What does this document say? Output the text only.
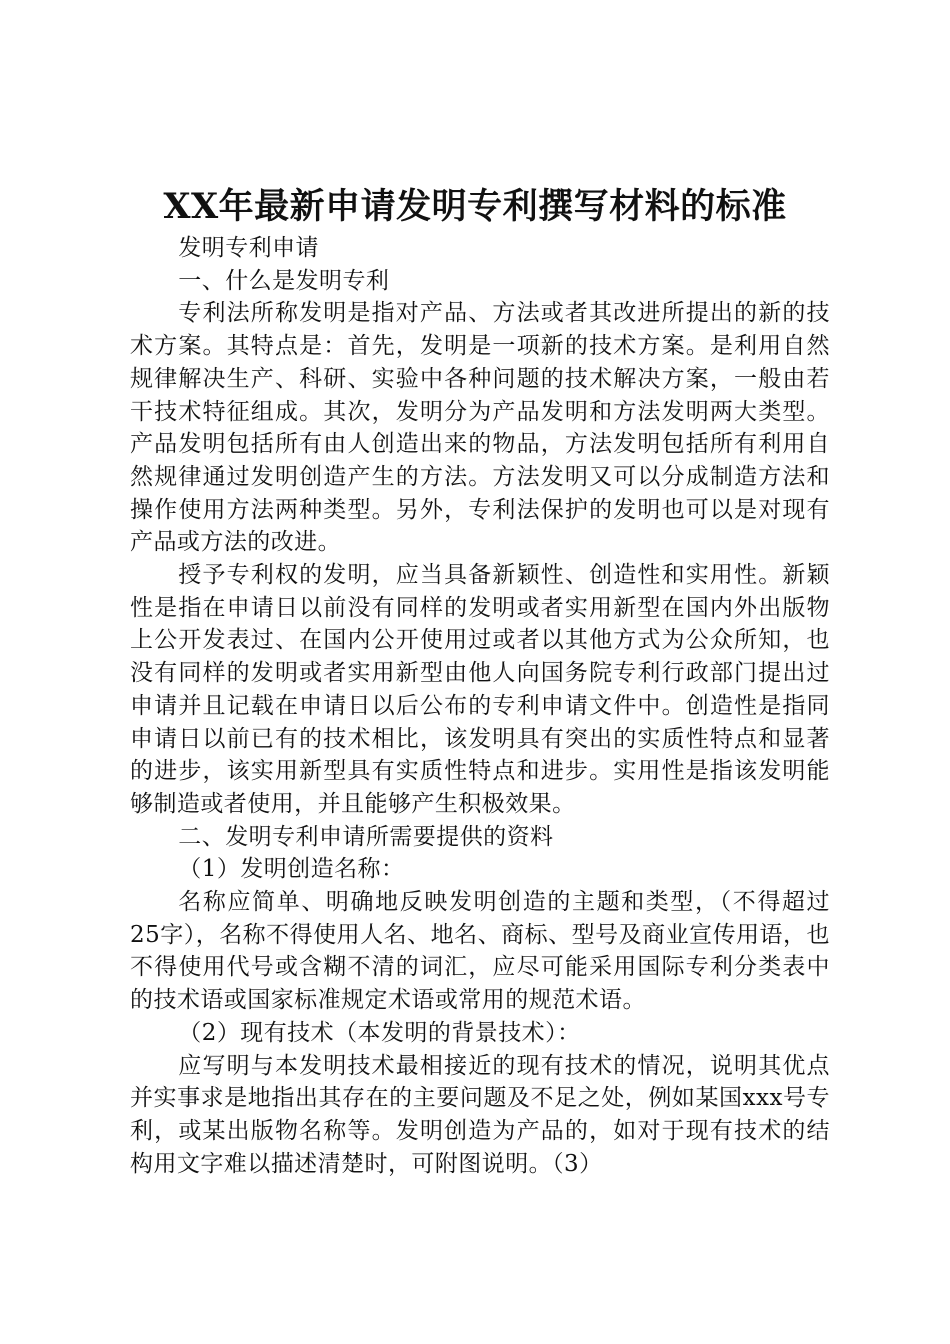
XX年最新申请发明专利撰写材料的标准

发明专利申请

一、什么是发明专利

专利法所称发明是指对产品、方法或者其改进所提出的新的技术方案。其特点是：首先，发明是一项新的技术方案。是利用自然规律解决生产、科研、实验中各种问题的技术解决方案，一般由若干技术特征组成。其次，发明分为产品发明和方法发明两大类型。产品发明包括所有由人创造出来的物品，方法发明包括所有利用自然规律通过发明创造产生的方法。方法发明又可以分成制造方法和操作使用方法两种类型。另外，专利法保护的发明也可以是对现有产品或方法的改进。

授予专利权的发明，应当具备新颖性、创造性和实用性。新颖性是指在申请日以前没有同样的发明或者实用新型在国内外出版物上公开发表过、在国内公开使用过或者以其他方式为公众所知，也没有同样的发明或者实用新型由他人向国务院专利行政部门提出过申请并且记载在申请日以后公布的专利申请文件中。创造性是指同申请日以前已有的技术相比，该发明具有突出的实质性特点和显著的进步，该实用新型具有实质性特点和进步。实用性是指该发明能够制造或者使用，并且能够产生积极效果。

二、发明专利申请所需要提供的资料

（1）发明创造名称：

名称应简单、明确地反映发明创造的主题和类型，（不得超过25字），名称不得使用人名、地名、商标、型号及商业宣传用语，也不得使用代号或含糊不清的词汇，应尽可能采用国际专利分类表中的技术语或国家标准规定术语或常用的规范术语。

（2）现有技术（本发明的背景技术）：

应写明与本发明技术最相接近的现有技术的情况，说明其优点并实事求是地指出其存在的主要问题及不足之处，例如某国xxx号专利，或某出版物名称等。发明创造为产品的，如对于现有技术的结构用文字难以描述清楚时，可附图说明。（3）
